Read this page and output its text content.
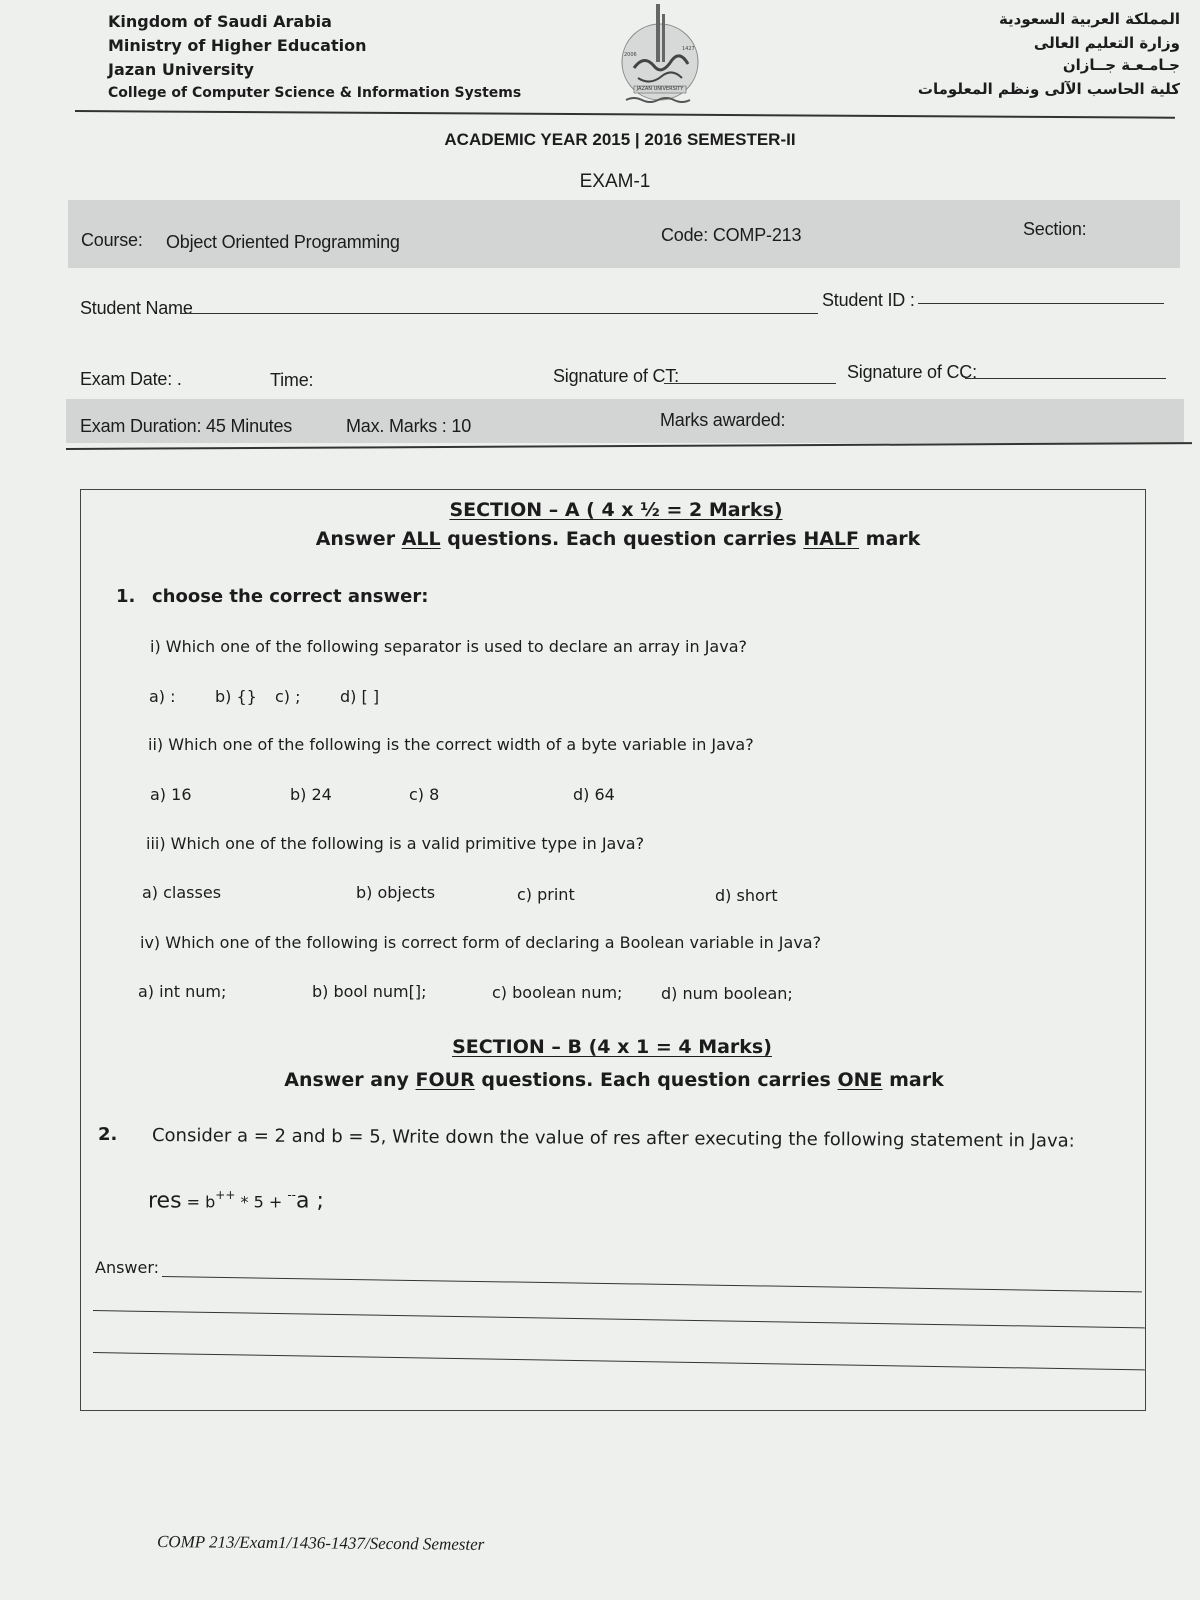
Kingdom of Saudi Arabia
Ministry of Higher Education
Jazan University
College of Computer Science & Information Systems
المملكة العربية السعودية
وزارة التعليم العالى
جـامـعـة جــازان
كلية الحاسب الآلى ونظم المعلومات
JAZAN UNIVERSITY
2006
1427
ACADEMIC YEAR 2015 | 2016 SEMESTER-II
EXAM-1
Course: Object Oriented Programming	Code: COMP-213	Section:
Student Name	Student ID :
Exam Date: .	Time:	Signature of CT:	Signature of CC:
Exam Duration: 45 Minutes	Max. Marks : 10	Marks awarded:
SECTION – A ( 4 x ½ = 2 Marks)
Answer ALL questions. Each question carries HALF mark
1. choose the correct answer:
i) Which one of the following separator is used to declare an array in Java?
a) : b) {} c) ; d) [ ]
ii) Which one of the following is the correct width of a byte variable in Java?
a) 16	b) 24	c) 8	d) 64
iii) Which one of the following is a valid primitive type in Java?
a) classes	b) objects	c) print	d) short
iv) Which one of the following is correct form of declaring a Boolean variable in Java?
a) int num;	b) bool num[];	c) boolean num; d) num boolean;
SECTION – B (4 x 1 = 4 Marks)
Answer any FOUR questions. Each question carries ONE mark
2. Consider a = 2 and b = 5, Write down the value of res after executing the following statement in Java:
res = b++ * 5 + --a ;
Answer:
COMP 213/Exam1/1436-1437/Second Semester
